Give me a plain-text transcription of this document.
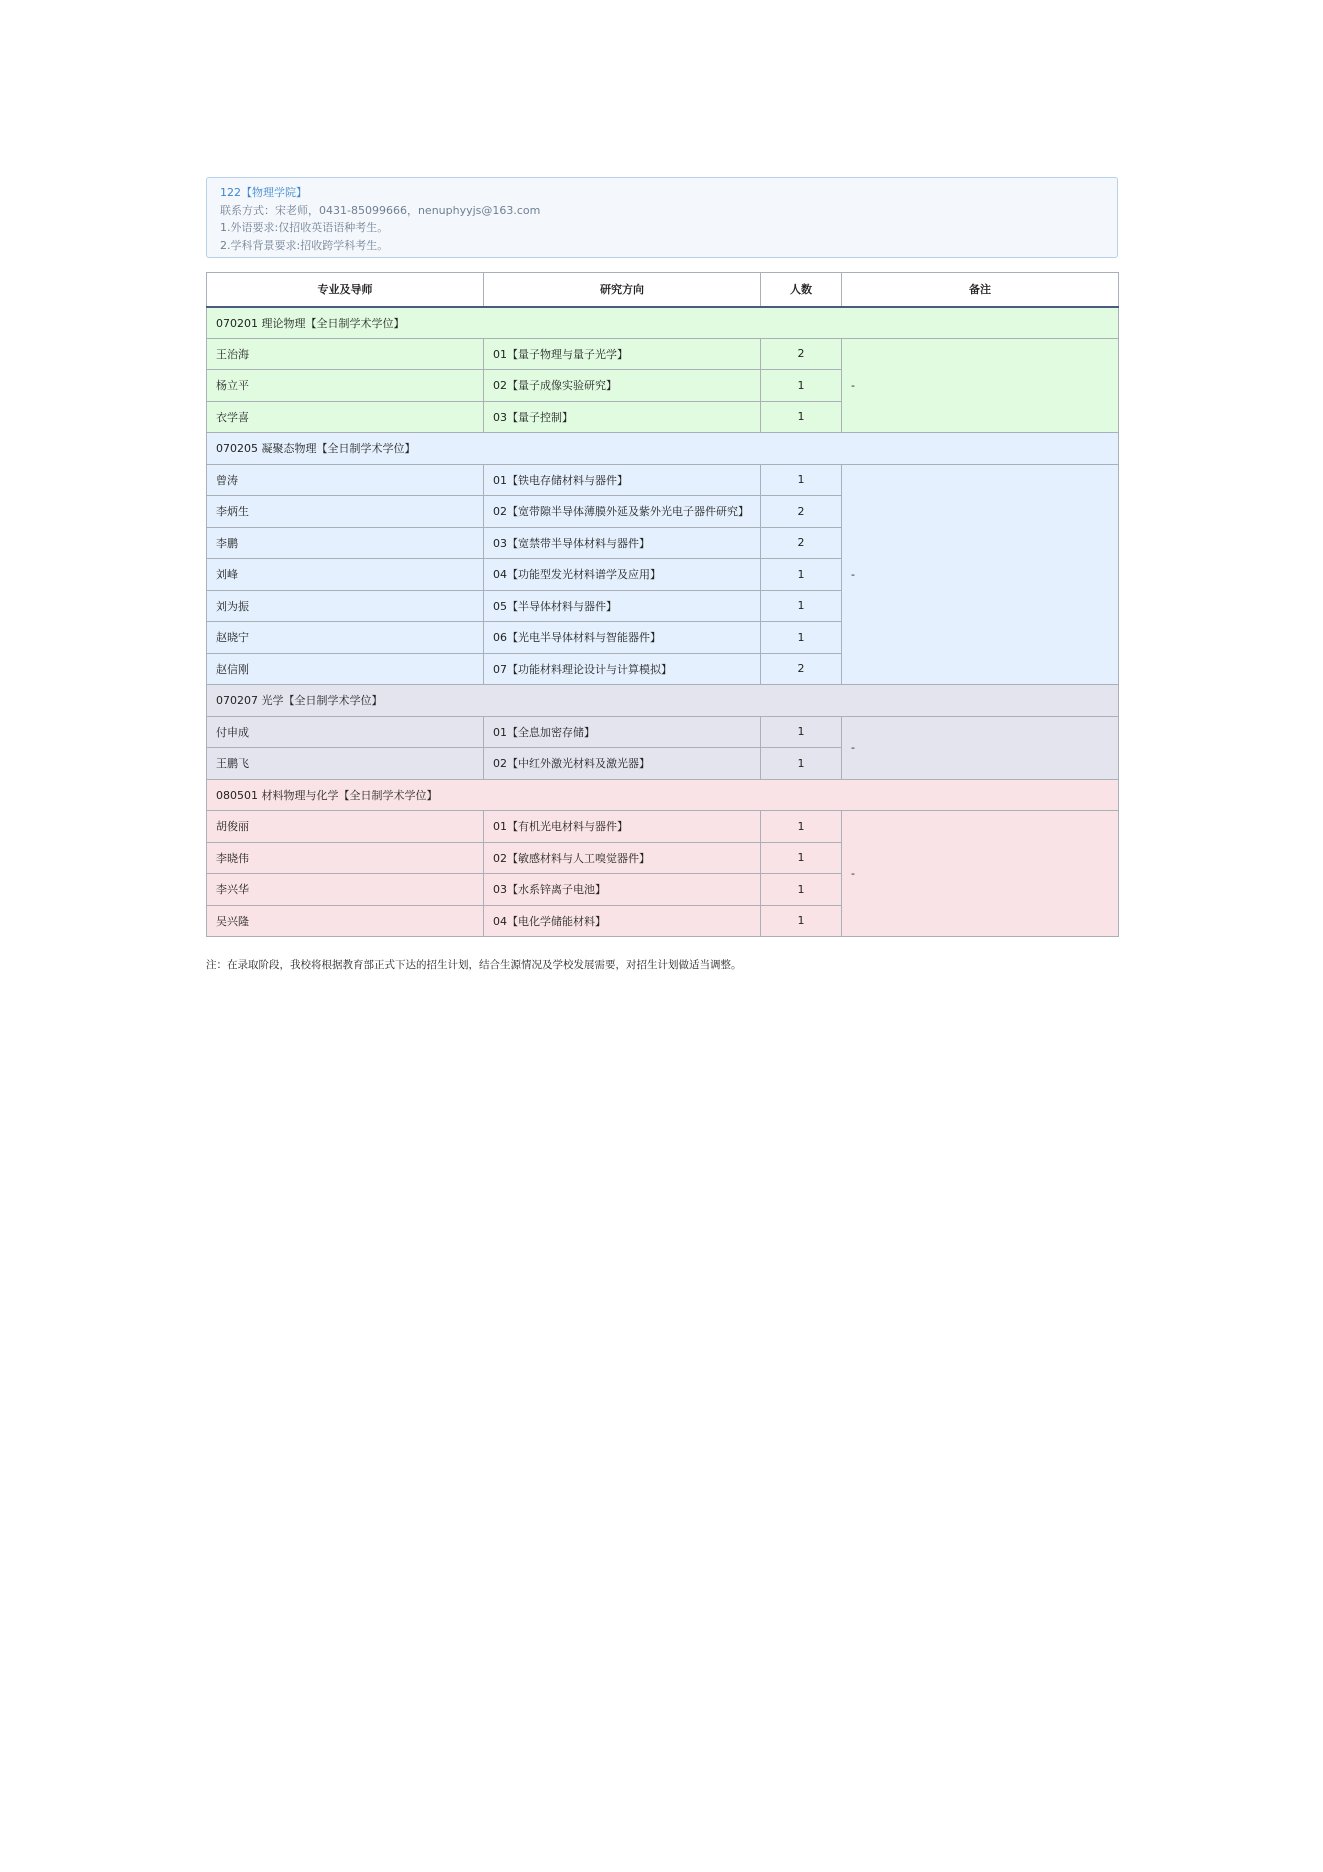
122【物理学院】
联系方式：宋老师，0431-85099666，nenuphyyjs@163.com
1.外语要求:仅招收英语语种考生。
2.学科背景要求:招收跨学科考生。
专业及导师	研究方向	人数	备注
070201 理论物理【全日制学术学位】			
王治海	01【量子物理与量子光学】	2	-
杨立平	02【量子成像实验研究】	1	
衣学喜	03【量子控制】	1	
070205 凝聚态物理【全日制学术学位】			
曾涛	01【铁电存储材料与器件】	1	-
李炳生	02【宽带隙半导体薄膜外延及紫外光电子器件研究】	2	
李鹏	03【宽禁带半导体材料与器件】	2	
刘峰	04【功能型发光材料谱学及应用】	1	
刘为振	05【半导体材料与器件】	1	
赵晓宁	06【光电半导体材料与智能器件】	1	
赵信刚	07【功能材料理论设计与计算模拟】	2	
070207 光学【全日制学术学位】			
付申成	01【全息加密存储】	1	-
王鹏飞	02【中红外激光材料及激光器】	1	
080501 材料物理与化学【全日制学术学位】			
胡俊丽	01【有机光电材料与器件】	1	-
李晓伟	02【敏感材料与人工嗅觉器件】	1	
李兴华	03【水系锌离子电池】	1	
吴兴隆	04【电化学储能材料】	1	
注：在录取阶段，我校将根据教育部正式下达的招生计划，结合生源情况及学校发展需要，对招生计划做适当调整。
